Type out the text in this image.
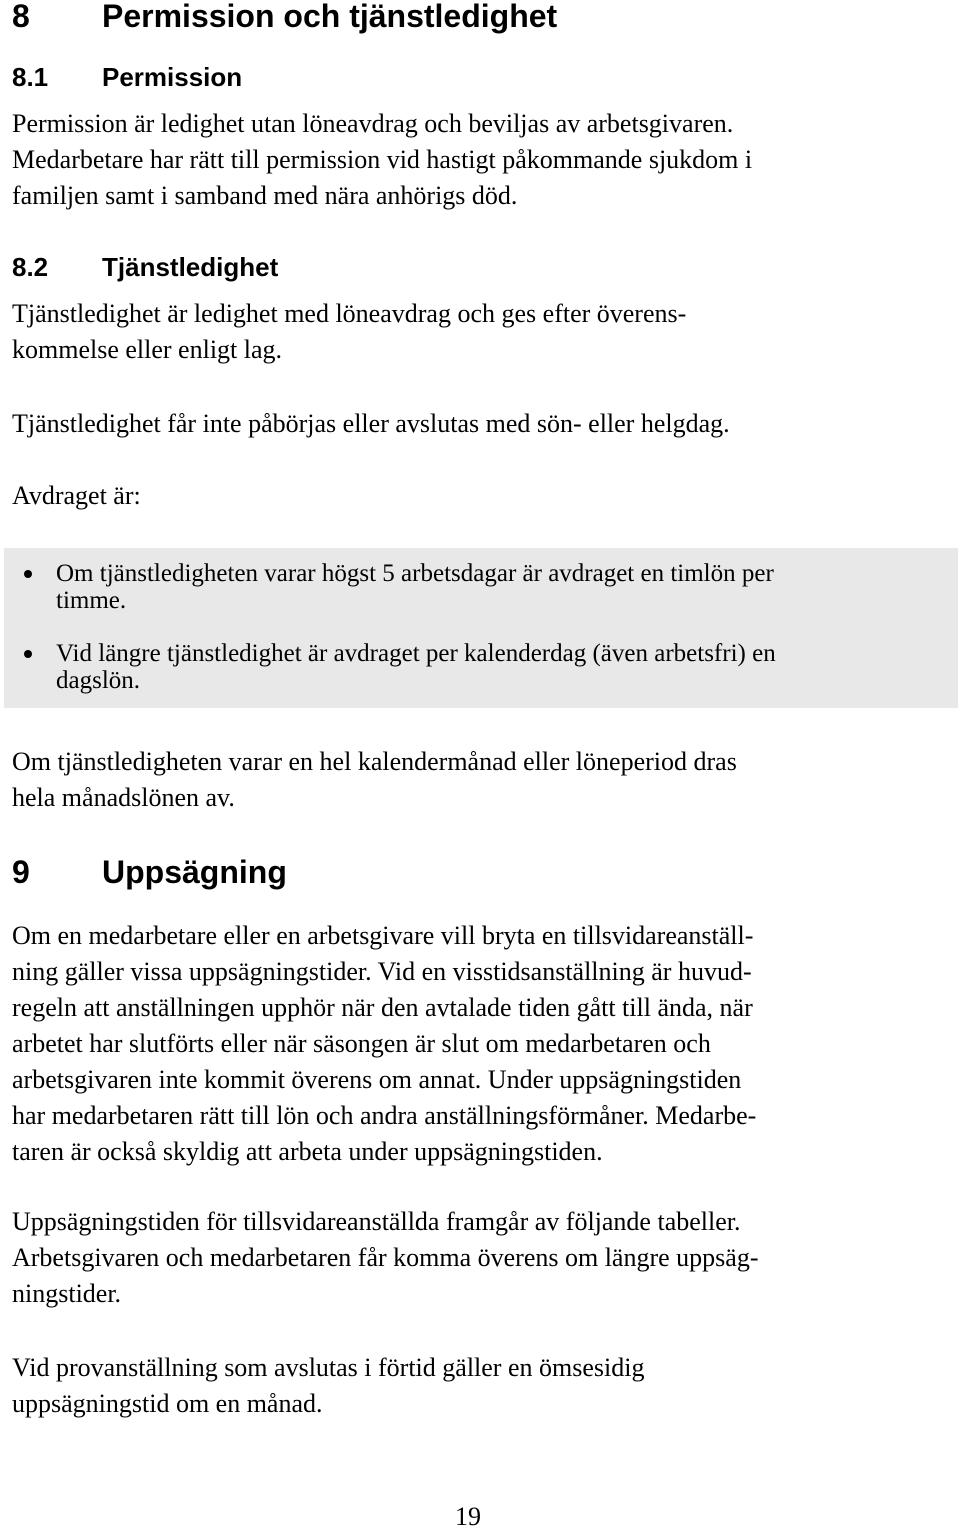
8 Permission och tjänstledighet
8.1 Permission

Permission är ledighet utan löneavdrag och beviljas av arbetsgivaren.
Medarbetare har rätt till permission vid hastigt påkommande sjukdom i
familjen samt i samband med nära anhörigs död.

8.2 Tjänstledighet

Tjänstledighet är ledighet med löneavdrag och ges efter överens-
kommelse eller enligt lag.

Tjänstledighet får inte påbörjas eller avslutas med sön- eller helgdag.

Avdraget är:

Om tjänstledigheten varar högst 5 arbetsdagar är avdraget en timlön per
timme.
Vid längre tjänstledighet är avdraget per kalenderdag (även arbetsfri) en
dagslön.

Om tjänstledigheten varar en hel kalendermånad eller löneperiod dras
hela månadslönen av.

9 Uppsägning

Om en medarbetare eller en arbetsgivare vill bryta en tillsvidareanställ-
ning gäller vissa uppsägningstider. Vid en visstidsanställning är huvud-
regeln att anställningen upphör när den avtalade tiden gått till ända, när
arbetet har slutförts eller när säsongen är slut om medarbetaren och
arbetsgivaren inte kommit överens om annat. Under uppsägningstiden
har medarbetaren rätt till lön och andra anställningsförmåner. Medarbe-
taren är också skyldig att arbeta under uppsägningstiden.

Uppsägningstiden för tillsvidareanställda framgår av följande tabeller.
Arbetsgivaren och medarbetaren får komma överens om längre uppsäg-
ningstider.

Vid provanställning som avslutas i förtid gäller en ömsesidig
uppsägningstid om en månad.

19
